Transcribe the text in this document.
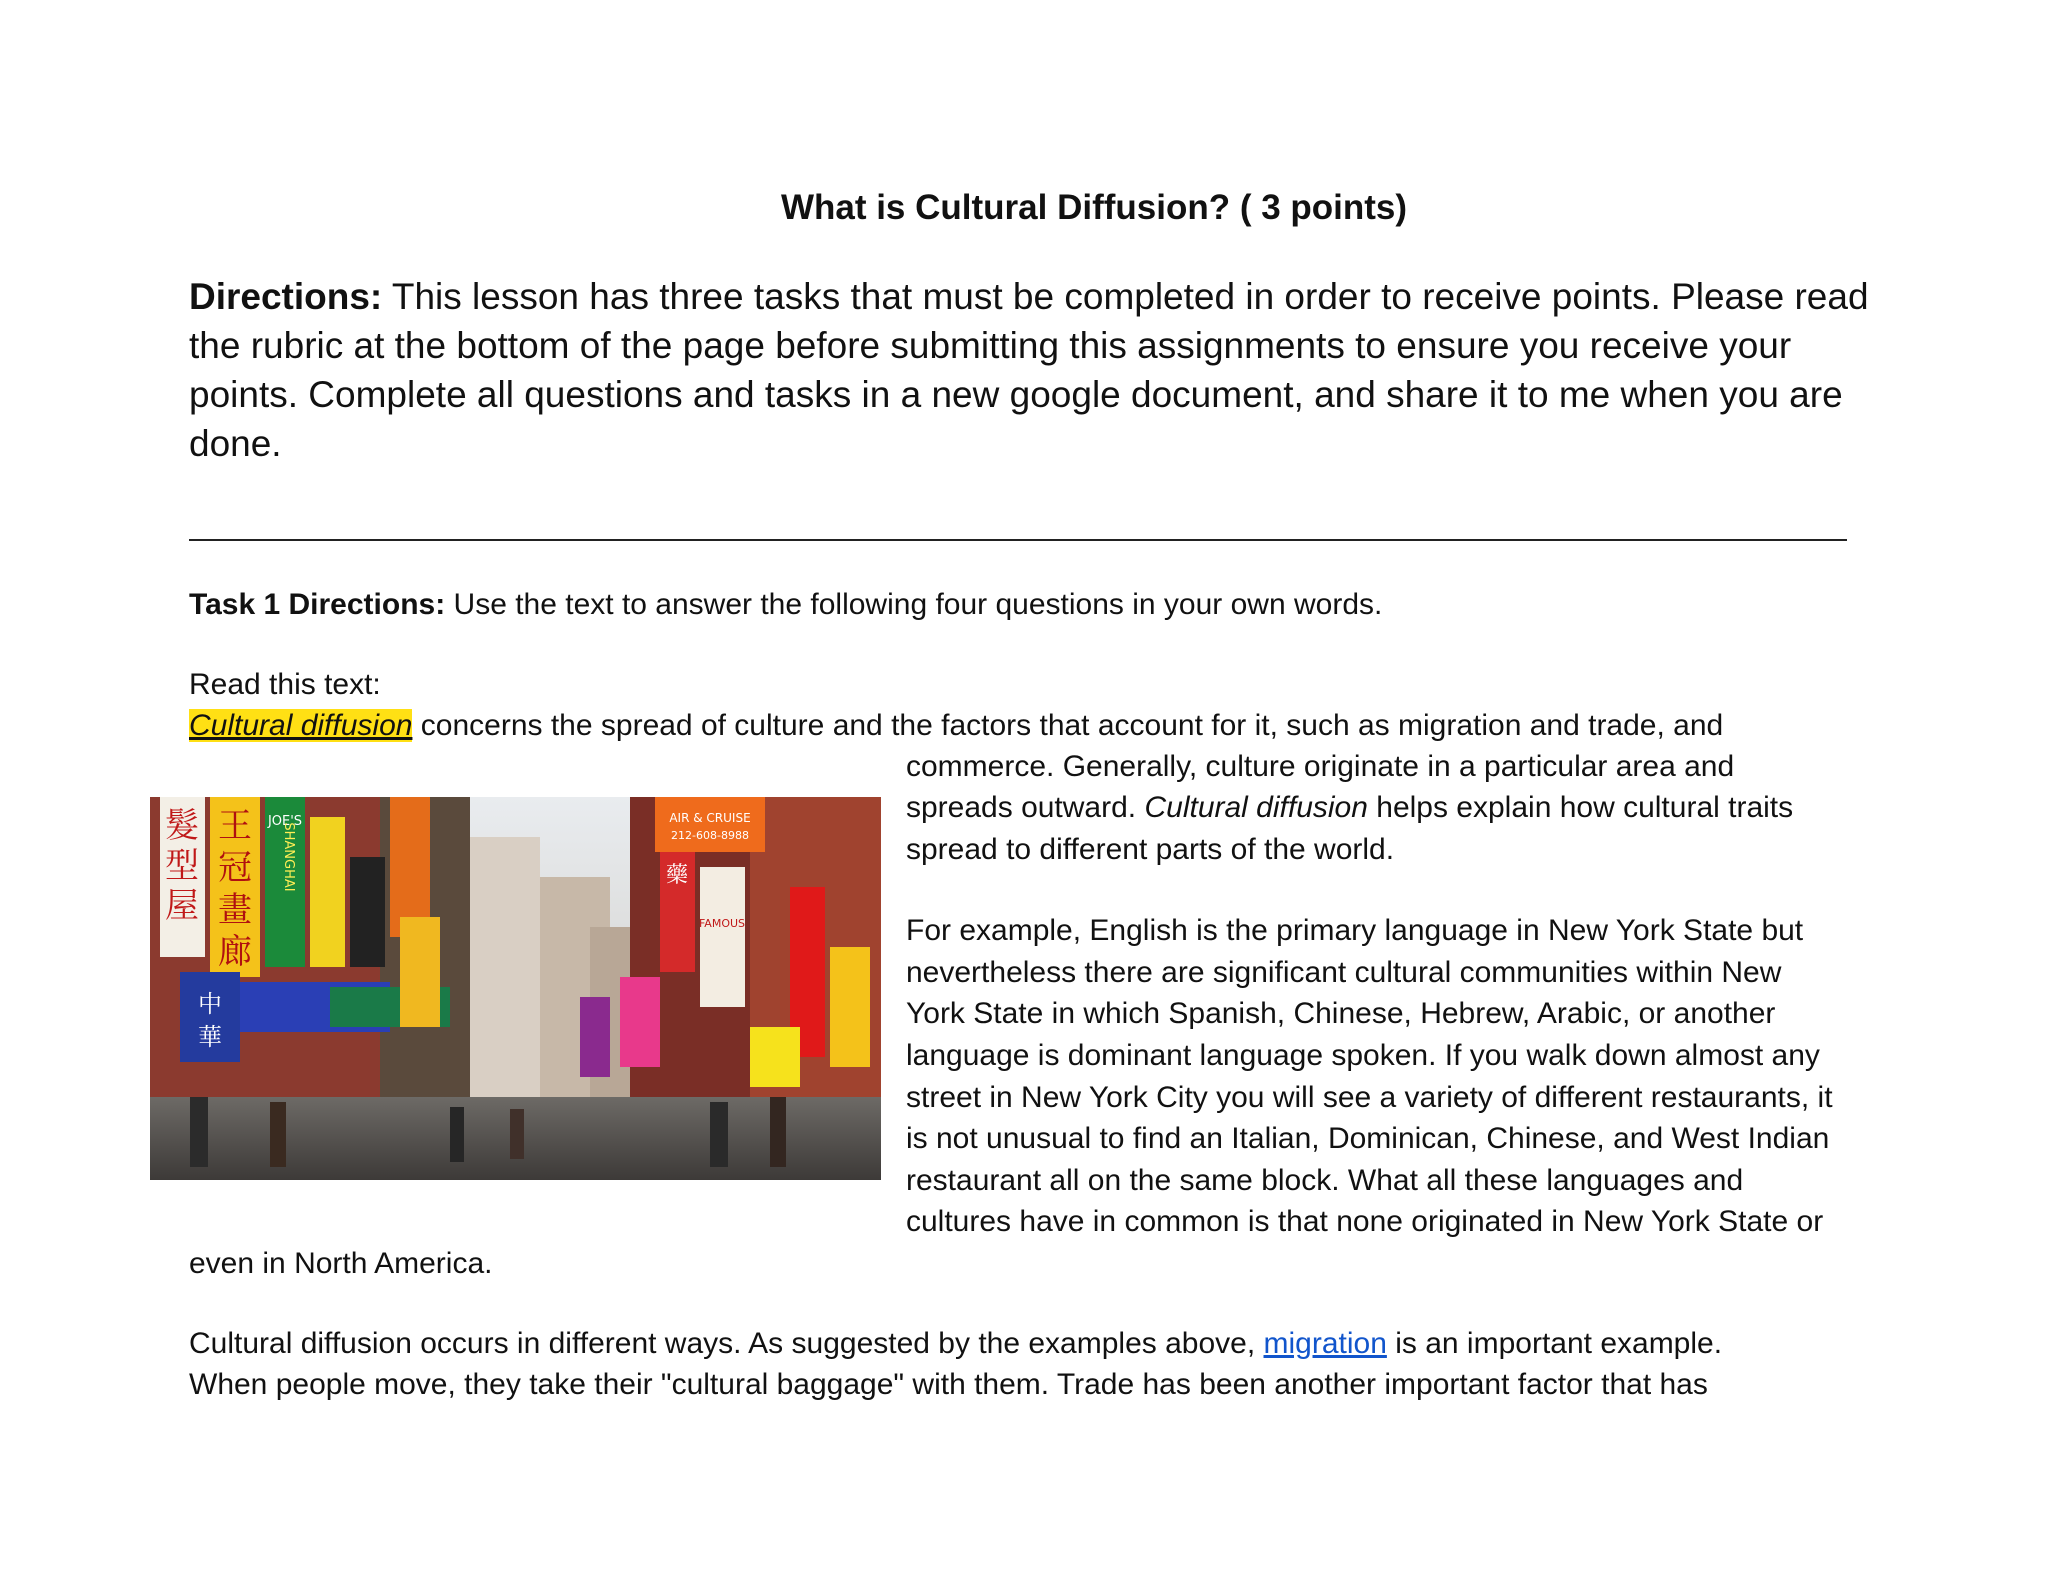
What is Cultural Diffusion? ( 3 points)
Directions: This lesson has three tasks that must be completed in order to receive points. Please read the rubric at the bottom of the page before submitting this assignments to ensure you receive your points. Complete all questions and tasks in a new google document, and share it to me when you are done.
Task 1 Directions: Use the text to answer the following four questions in your own words.
Read this text:
Cultural diffusion concerns the spread of culture and the factors that account for it, such as migration and trade, and
commerce. Generally, culture originate in a particular area and
spreads outward. Cultural diffusion helps explain how cultural traits
spread to different parts of the world.
For example, English is the primary language in New York State but
nevertheless there are significant cultural communities within New
York State in which Spanish, Chinese, Hebrew, Arabic, or another
language is dominant language spoken. If you walk down almost any
street in New York City you will see a variety of different restaurants, it
is not unusual to find an Italian, Dominican, Chinese, and West Indian
restaurant all on the same block. What all these languages and
cultures have in common is that none originated in New York State or
even in North America.
Cultural diffusion occurs in different ways. As suggested by the examples above, migration is an important example.
When people move, they take their "cultural baggage" with them. Trade has been another important factor that has
髮
型
屋
王
冠
畫
廊
JOE'S
SHANGHAI
中
華
AIR & CRUISE
212-608-8988
藥
FAMOUS
